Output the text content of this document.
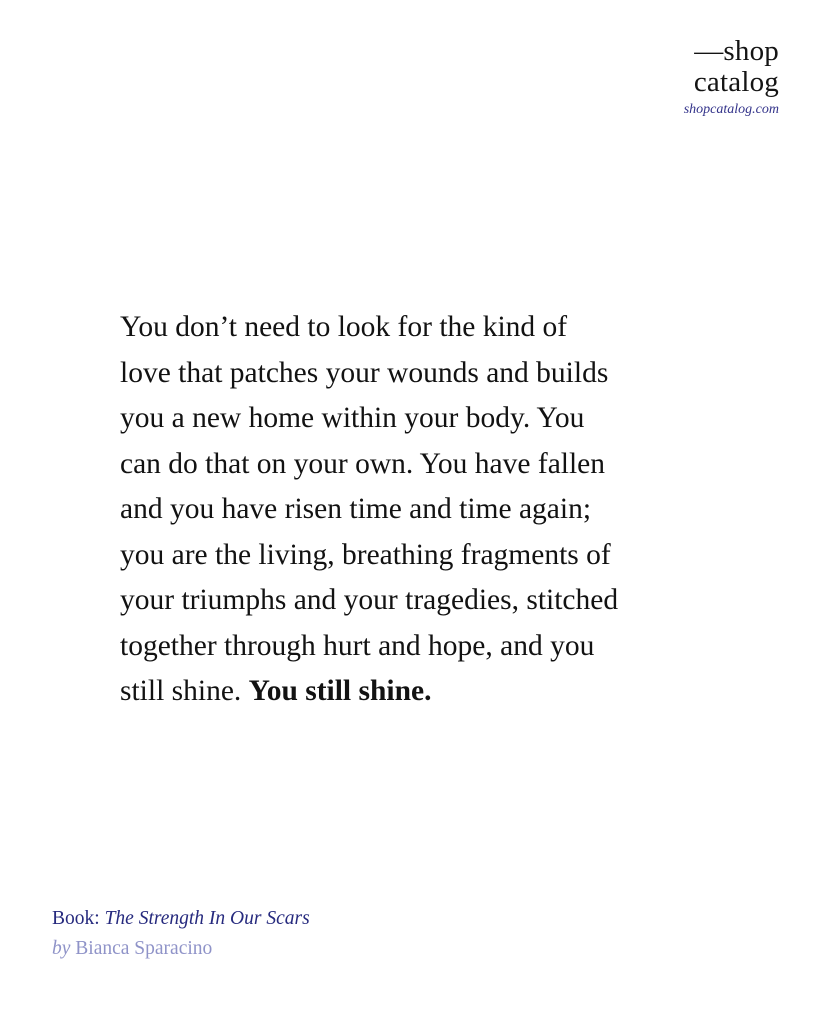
—shop
catalog
shopcatalog.com
You don’t need to look for the kind of
love that patches your wounds and builds
you a new home within your body. You
can do that on your own. You have fallen
and you have risen time and time again;
you are the living, breathing fragments of
your triumphs and your tragedies, stitched
together through hurt and hope, and you
still shine. You still shine.
Book: The Strength In Our Scars
by Bianca Sparacino
